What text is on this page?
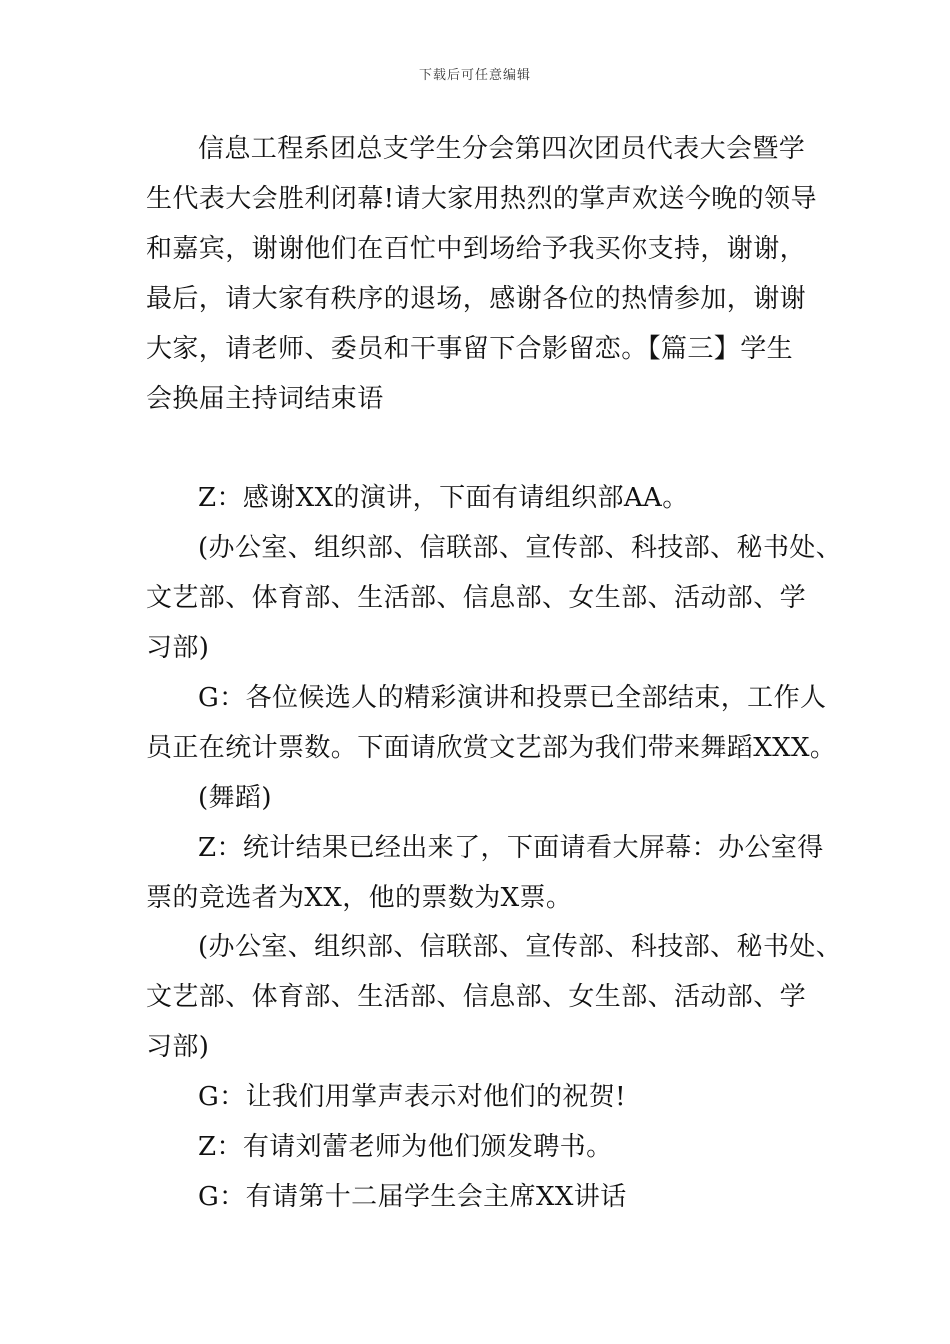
下载后可任意编辑
信息工程系团总支学生分会第四次团员代表大会暨学
生代表大会胜利闭幕!请大家用热烈的掌声欢送今晚的领导
和嘉宾，谢谢他们在百忙中到场给予我买你支持，谢谢，
最后，请大家有秩序的退场，感谢各位的热情参加，谢谢
大家，请老师、委员和干事留下合影留恋。【篇三】学生
会换届主持词结束语
Z：感谢XX的演讲，下面有请组织部AA。
(办公室、组织部、信联部、宣传部、科技部、秘书处、
文艺部、体育部、生活部、信息部、女生部、活动部、学
习部)
G：各位候选人的精彩演讲和投票已全部结束，工作人
员正在统计票数。下面请欣赏文艺部为我们带来舞蹈XXX。
(舞蹈)
Z：统计结果已经出来了，下面请看大屏幕：办公室得
票的竞选者为XX，他的票数为X票。
(办公室、组织部、信联部、宣传部、科技部、秘书处、
文艺部、体育部、生活部、信息部、女生部、活动部、学
习部)
G：让我们用掌声表示对他们的祝贺!
Z：有请刘蕾老师为他们颁发聘书。
G：有请第十二届学生会主席XX讲话
